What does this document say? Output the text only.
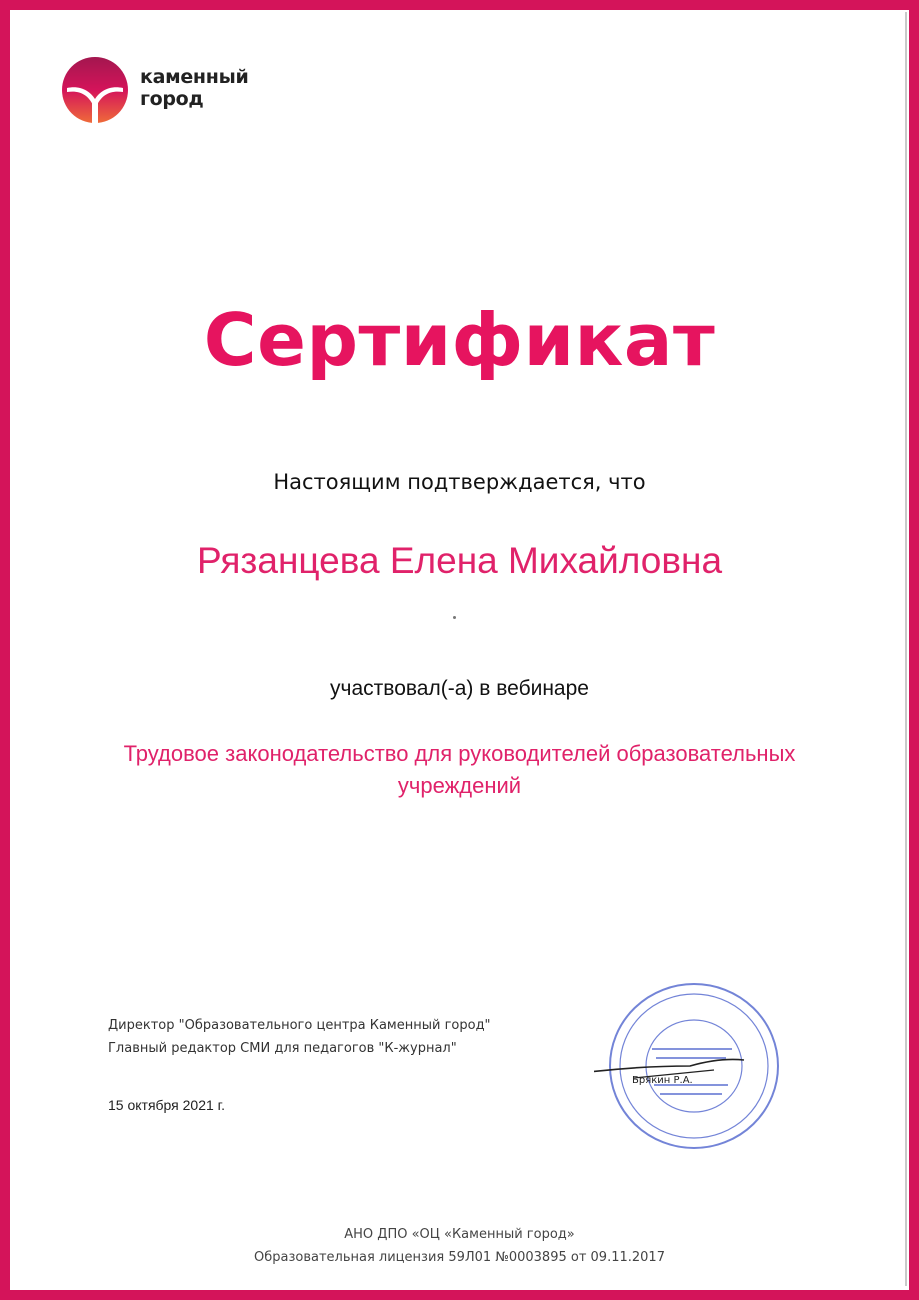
каменный
город
Сертификат
Настоящим подтверждается, что
Рязанцева Елена Михайловна
участвовал(-а) в вебинаре
Трудовое законодательство для руководителей образовательных учреждений
Директор "Образовательного центра Каменный город"
Главный редактор СМИ для педагогов "К-журнал"
15 октября 2021 г.
Брякин Р.А.
АНО ДПО «ОЦ «Каменный город»
Образовательная лицензия 59Л01 №0003895 от 09.11.2017
